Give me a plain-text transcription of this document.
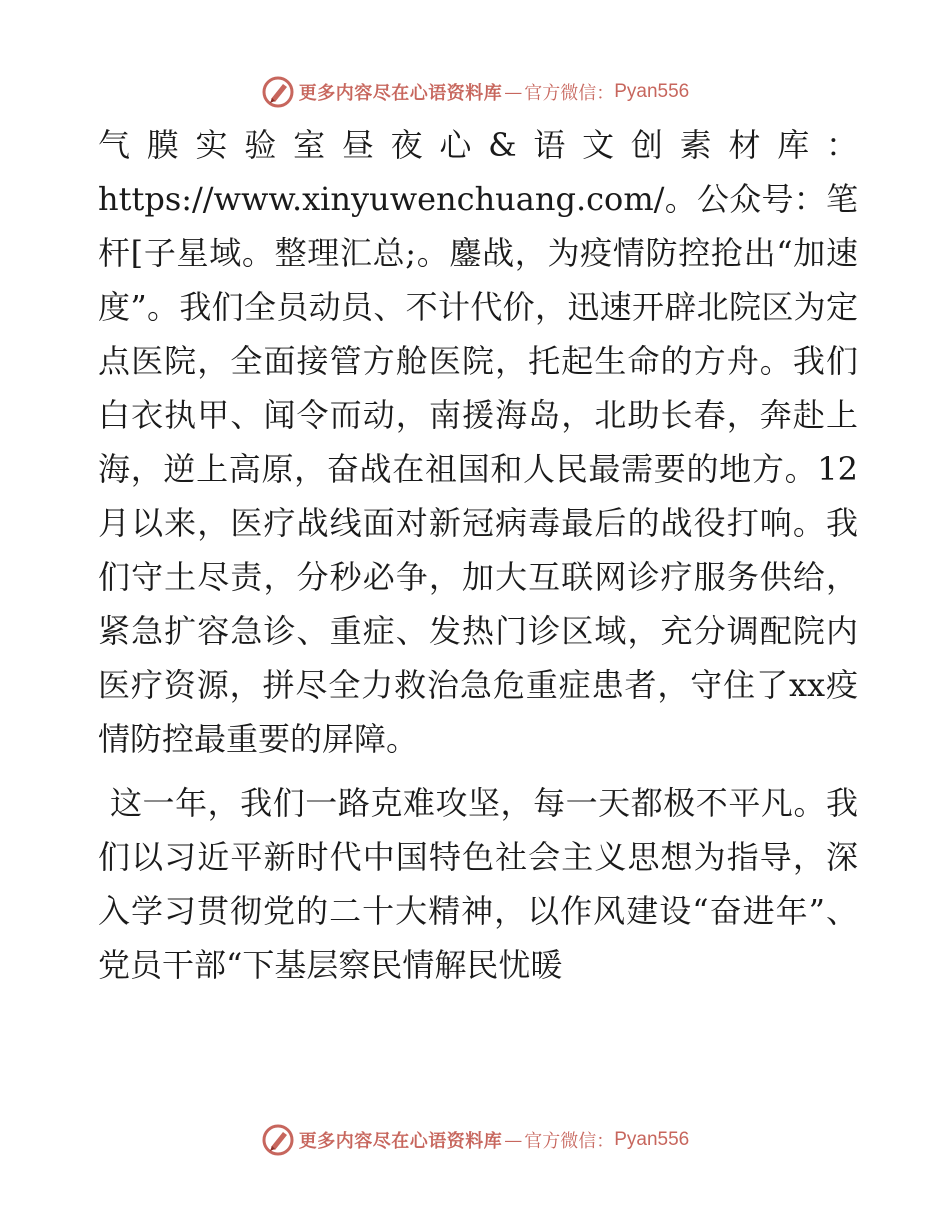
更多内容尽在心语资料库 — 官方微信： Pyan556

气膜实验室昼夜心&语文创素材库：https://www.xinyuwenchuang.com/。公众号：笔杆[子星域。整理汇总;。鏖战，为疫情防控抢出“加速度”。我们全员动员、不计代价，迅速开辟北院区为定点医院，全面接管方舱医院，托起生命的方舟。我们白衣执甲、闻令而动，南援海岛，北助长春，奔赴上海，逆上高原，奋战在祖国和人民最需要的地方。12月以来，医疗战线面对新冠病毒最后的战役打响。我们守土尽责，分秒必争，加大互联网诊疗服务供给，紧急扩容急诊、重症、发热门诊区域，充分调配院内医疗资源，拼尽全力救治急危重症患者，守住了xx疫情防控最重要的屏障。

这一年，我们一路克难攻坚，每一天都极不平凡。我们以习近平新时代中国特色社会主义思想为指导，深入学习贯彻党的二十大精神，以作风建设“奋进年”、党员干部“下基层察民情解民忧暖

更多内容尽在心语资料库 — 官方微信： Pyan556
